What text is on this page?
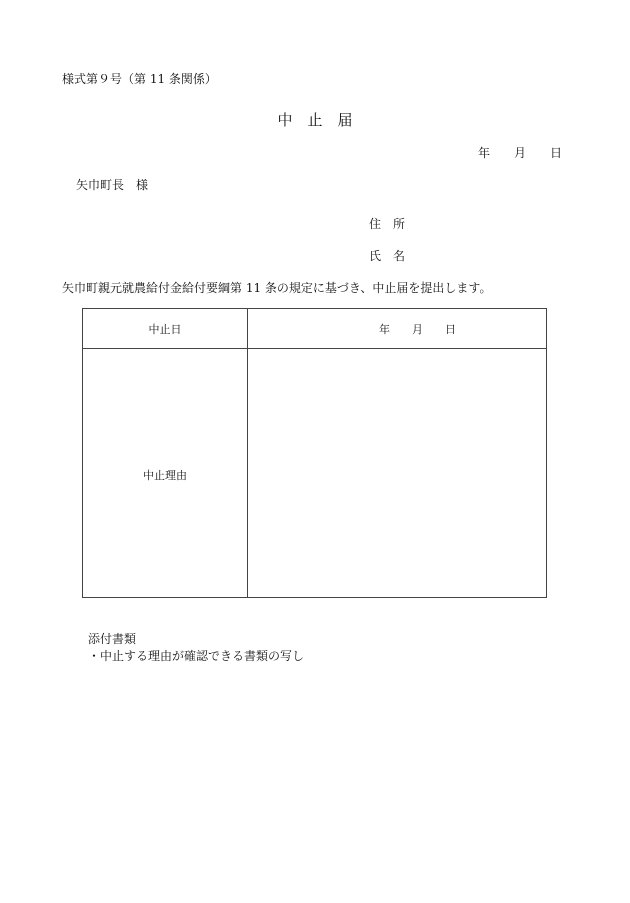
様式第９号（第 11 条関係）
中　止　届
年　　月　　日
矢巾町長　様
住　所
氏　名
矢巾町親元就農給付金給付要綱第 11 条の規定に基づき、中止届を提出します。
中止日	年　　月　　日
中止理由
添付書類
・中止する理由が確認できる書類の写し
